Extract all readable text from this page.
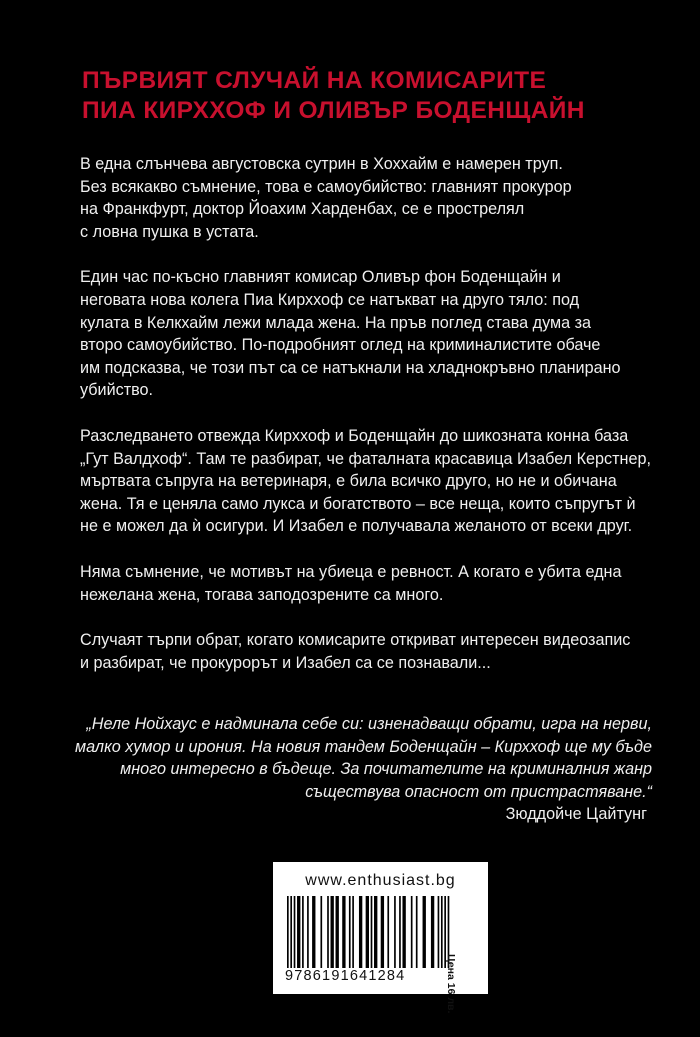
ПЪРВИЯТ СЛУЧАЙ НА КОМИСАРИТЕ
ПИА КИРХХОФ И ОЛИВЪР БОДЕНЩАЙН

В една слънчева августовска сутрин в Хоххайм е намерен труп.
Без всякакво съмнение, това е самоубийство: главният прокурор
на Франкфурт, доктор Йоахим Харденбах, се е прострелял
с ловна пушка в устата.

Един час по-късно главният комисар Оливър фон Боденщайн и
неговата нова колега Пиа Кирххоф се натъкват на друго тяло: под
кулата в Келкхайм лежи млада жена. На пръв поглед става дума за
второ самоубийство. По-подробният оглед на криминалистите обаче
им подсказва, че този път са се натъкнали на хладнокръвно планирано
убийство.

Разследването отвежда Кирххоф и Боденщайн до шикозната конна база
„Гут Валдхоф“. Там те разбират, че фаталната красавица Изабел Керстнер,
мъртвата съпруга на ветеринаря, е била всичко друго, но не и обичана
жена. Тя е ценяла само лукса и богатството – все неща, които съпругът ѝ
не е можел да ѝ осигури. И Изабел е получавала желаното от всеки друг.

Няма съмнение, че мотивът на убиеца е ревност. А когато е убита една
нежелана жена, тогава заподозрените са много.

Случаят търпи обрат, когато комисарите откриват интересен видеозапис
и разбират, че прокурорът и Изабел са се познавали...

„Неле Нойхаус е надминала себе си: изненадващи обрати, игра на нерви,
малко хумор и ирония. На новия тандем Боденщайн – Кирххоф ще му бъде
много интересно в бъдеще. За почитателите на криминалния жанр
съществува опасност от пристрастяване.“
Зюддойче Цайтунг
www.enthusiast.bg
9786191641284	Цена 16 лв.
